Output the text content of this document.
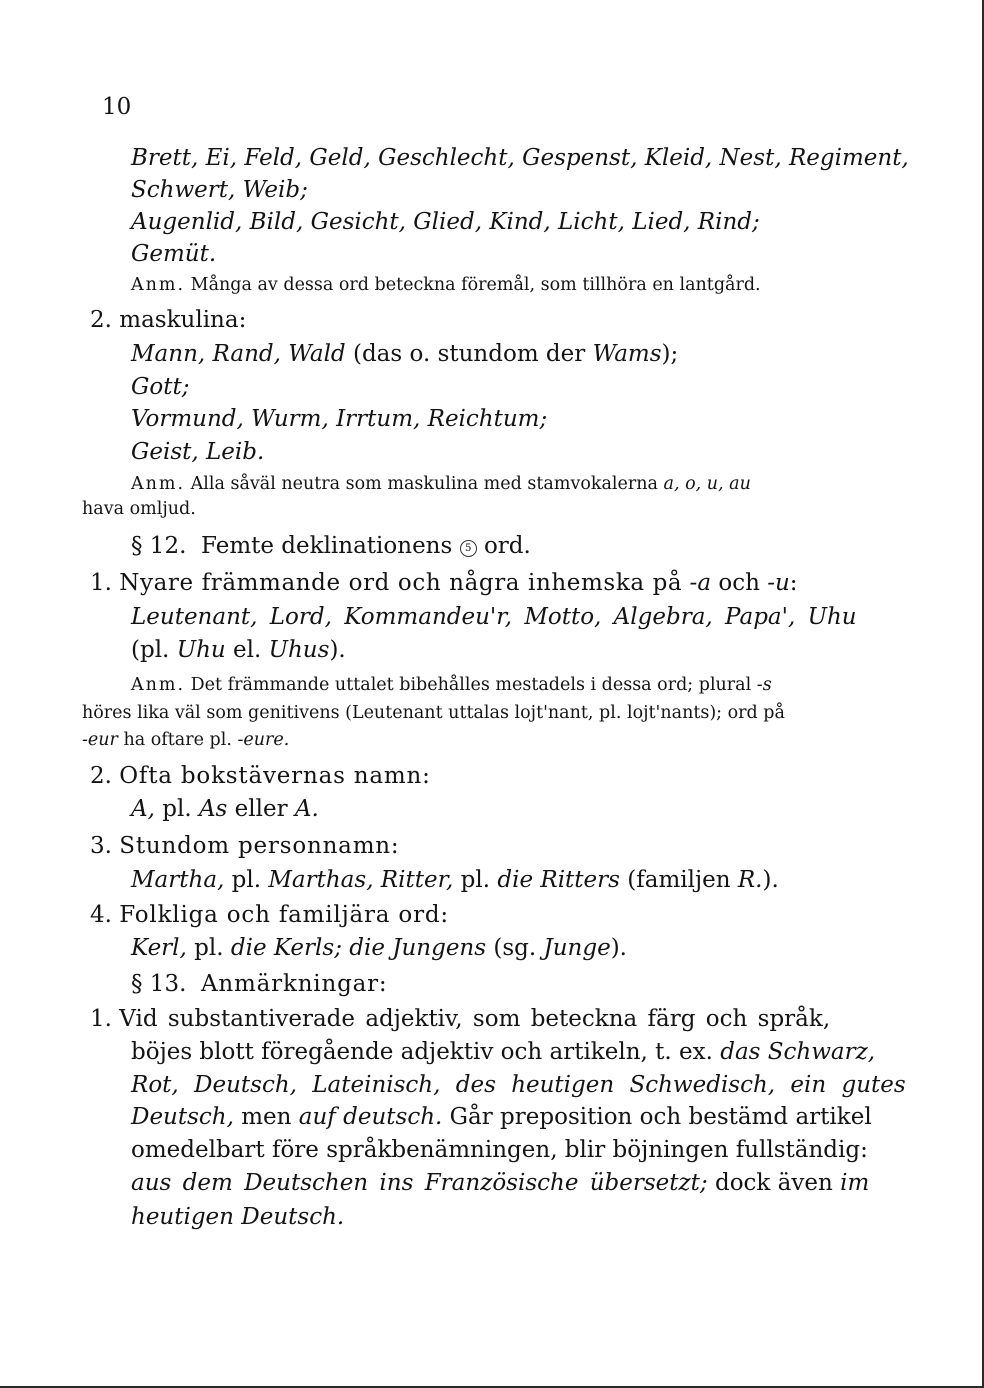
10
Brett, Ei, Feld, Geld, Geschlecht, Gespenst, Kleid, Nest, Regiment,
Schwert, Weib;
Augenlid, Bild, Gesicht, Glied, Kind, Licht, Lied, Rind;
Gemüt.
Anm. Många av dessa ord beteckna föremål, som tillhöra en lantgård.
2. maskulina:
Mann, Rand, Wald (das o. stundom der Wams);
Gott;
Vormund, Wurm, Irrtum, Reichtum;
Geist, Leib.
Anm. Alla såväl neutra som maskulina med stamvokalerna a, o, u, au
hava omljud.
§ 12. Femte deklinationens 5 ord.
1. Nyare främmande ord och några inhemska på -a och -u:
Leutenant, Lord, Kommandeu'r, Motto, Algebra, Papa', Uhu
(pl. Uhu el. Uhus).
Anm. Det främmande uttalet bibehålles mestadels i dessa ord; plural -s
höres lika väl som genitivens (Leutenant uttalas lojt'nant, pl. lojt'nants); ord på
-eur ha oftare pl. -eure.
2. Ofta bokstävernas namn:
A, pl. As eller A.
3. Stundom personnamn:
Martha, pl. Marthas, Ritter, pl. die Ritters (familjen R.).
4. Folkliga och familjära ord:
Kerl, pl. die Kerls; die Jungens (sg. Junge).
§ 13. Anmärkningar:
1. Vid substantiverade adjektiv, som beteckna färg och språk,
böjes blott föregående adjektiv och artikeln, t. ex. das Schwarz,
Rot, Deutsch, Lateinisch, des heutigen Schwedisch, ein gutes
Deutsch, men auf deutsch. Går preposition och bestämd artikel
omedelbart före språkbenämningen, blir böjningen fullständig:
aus dem Deutschen ins Französische übersetzt; dock även im
heutigen Deutsch.
